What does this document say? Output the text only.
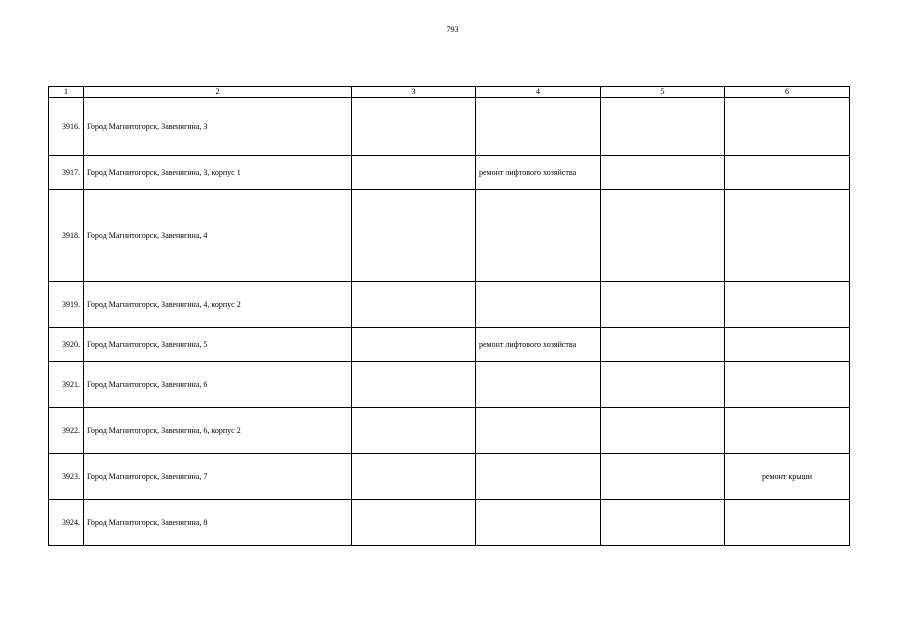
793
1	2	3	4	5	6
3916.	Город Магнитогорск, Завенягина, 3				
3917.	Город Магнитогорск, Завенягина, 3, корпус 1		ремонт лифтового хозяйства		
3918.	Город Магнитогорск, Завенягина, 4				
3919.	Город Магнитогорск, Завенягина, 4, корпус 2				
3920.	Город Магнитогорск, Завенягина, 5		ремонт лифтового хозяйства		
3921.	Город Магнитогорск, Завенягина, 6				
3922.	Город Магнитогорск, Завенягина, 6, корпус 2				
3923.	Город Магнитогорск, Завенягина, 7				ремонт крыши
3924.	Город Магнитогорск, Завенягина, 8				
